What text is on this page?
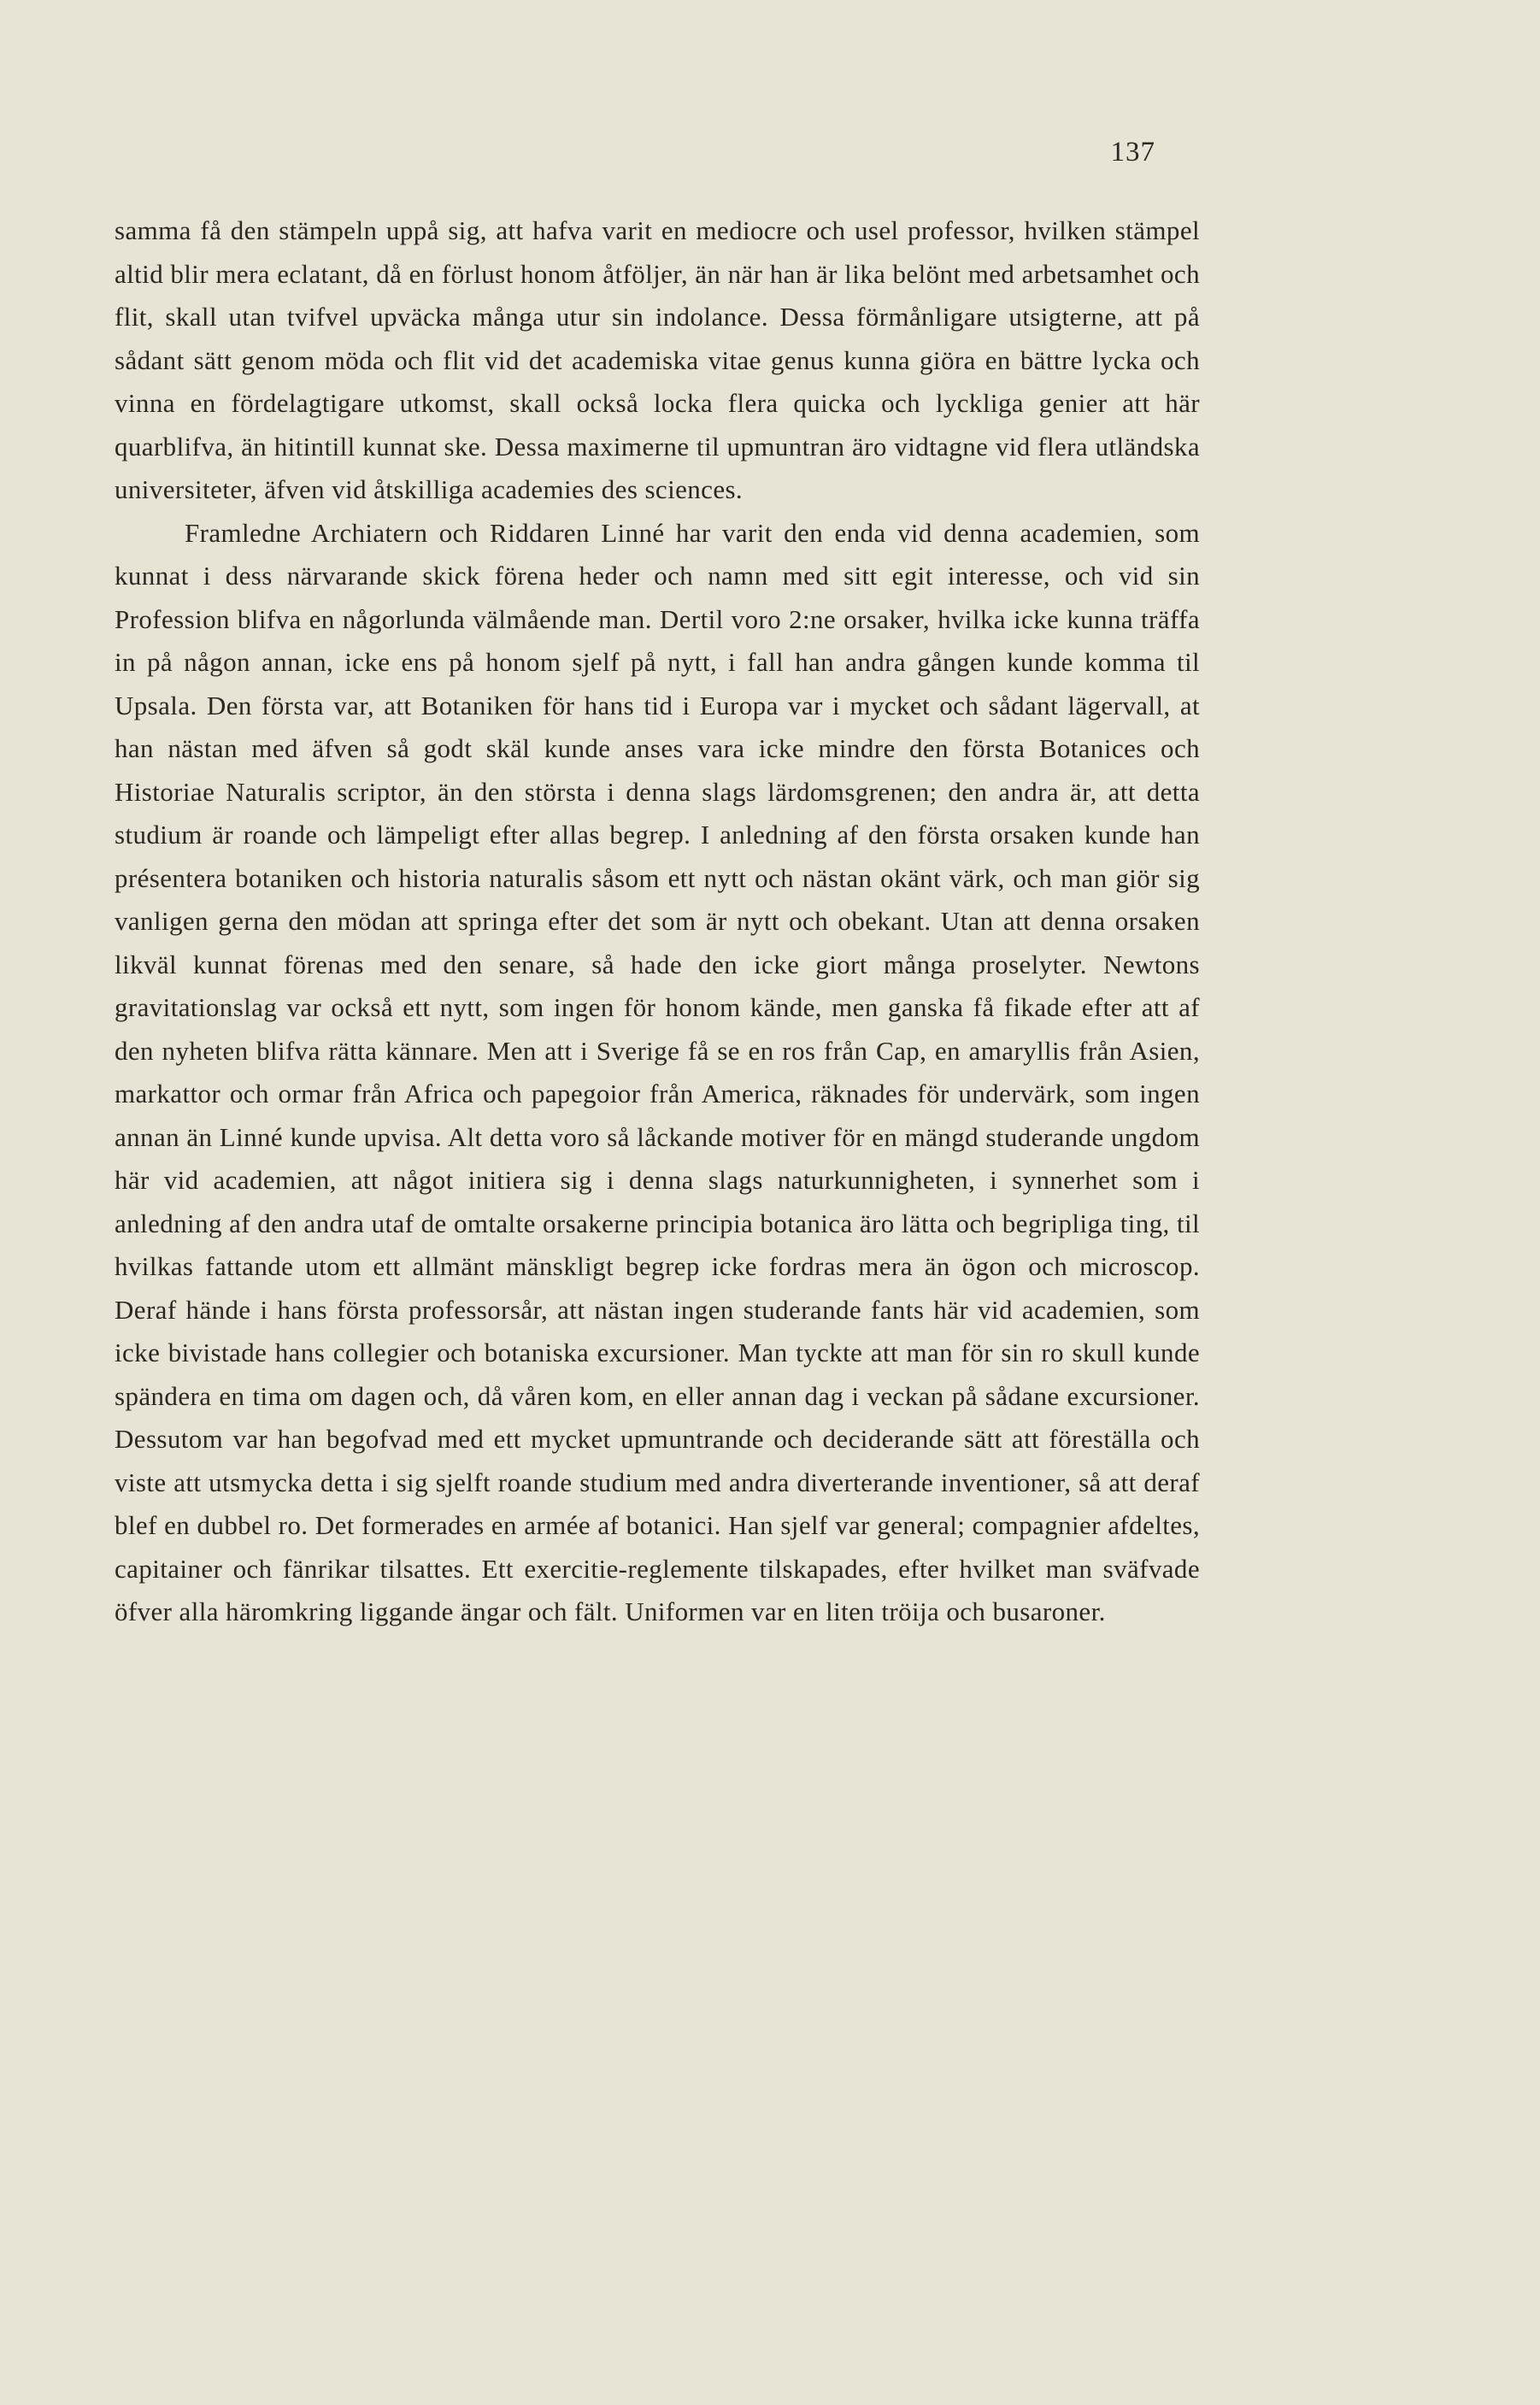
137

samma få den stämpeln uppå sig, att hafva varit en mediocre och usel professor, hvilken stämpel altid blir mera eclatant, då en förlust honom åtföljer, än när han är lika belönt med arbetsamhet och flit, skall utan tvifvel upväcka många utur sin indolance. Dessa förmånligare utsigterne, att på sådant sätt genom möda och flit vid det academiska vitae genus kunna giöra en bättre lycka och vinna en fördelagtigare utkomst, skall också locka flera quicka och lyckliga genier att här quarblifva, än hitintill kunnat ske. Dessa maximerne til upmuntran äro vidtagne vid flera utländska universiteter, äfven vid åtskilliga academies des sciences.

Framledne Archiatern och Riddaren Linné har varit den enda vid denna academien, som kunnat i dess närvarande skick förena heder och namn med sitt egit interesse, och vid sin Profession blifva en någorlunda välmående man. Dertil voro 2:ne orsaker, hvilka icke kunna träffa in på någon annan, icke ens på honom sjelf på nytt, i fall han andra gången kunde komma til Upsala. Den första var, att Botaniken för hans tid i Europa var i mycket och sådant lägervall, at han nästan med äfven så godt skäl kunde anses vara icke mindre den första Botanices och Historiae Naturalis scriptor, än den största i denna slags lärdomsgrenen; den andra är, att detta studium är roande och lämpeligt efter allas begrep. I anledning af den första orsaken kunde han présentera botaniken och historia naturalis såsom ett nytt och nästan okänt värk, och man giör sig vanligen gerna den mödan att springa efter det som är nytt och obekant. Utan att denna orsaken likväl kunnat förenas med den senare, så hade den icke giort många proselyter. Newtons gravitationslag var också ett nytt, som ingen för honom kände, men ganska få fikade efter att af den nyheten blifva rätta kännare. Men att i Sverige få se en ros från Cap, en amaryllis från Asien, markattor och ormar från Africa och papegoior från America, räknades för undervärk, som ingen annan än Linné kunde upvisa. Alt detta voro så låckande motiver för en mängd studerande ungdom här vid academien, att något initiera sig i denna slags naturkunnigheten, i synnerhet som i anledning af den andra utaf de omtalte orsakerne principia botanica äro lätta och begripliga ting, til hvilkas fattande utom ett allmänt mänskligt begrep icke fordras mera än ögon och microscop. Deraf hände i hans första professorsår, att nästan ingen studerande fants här vid academien, som icke bivistade hans collegier och botaniska excursioner. Man tyckte att man för sin ro skull kunde spändera en tima om dagen och, då våren kom, en eller annan dag i veckan på sådane excursioner. Dessutom var han begofvad med ett mycket upmuntrande och deciderande sätt att föreställa och viste att utsmycka detta i sig sjelft roande studium med andra diverterande inventioner, så att deraf blef en dubbel ro. Det formerades en armée af botanici. Han sjelf var general; compagnier afdeltes, capitainer och fänrikar tilsattes. Ett exercitie-reglemente tilskapades, efter hvilket man sväfvade öfver alla häromkring liggande ängar och fält. Uniformen var en liten tröija och busaroner.
